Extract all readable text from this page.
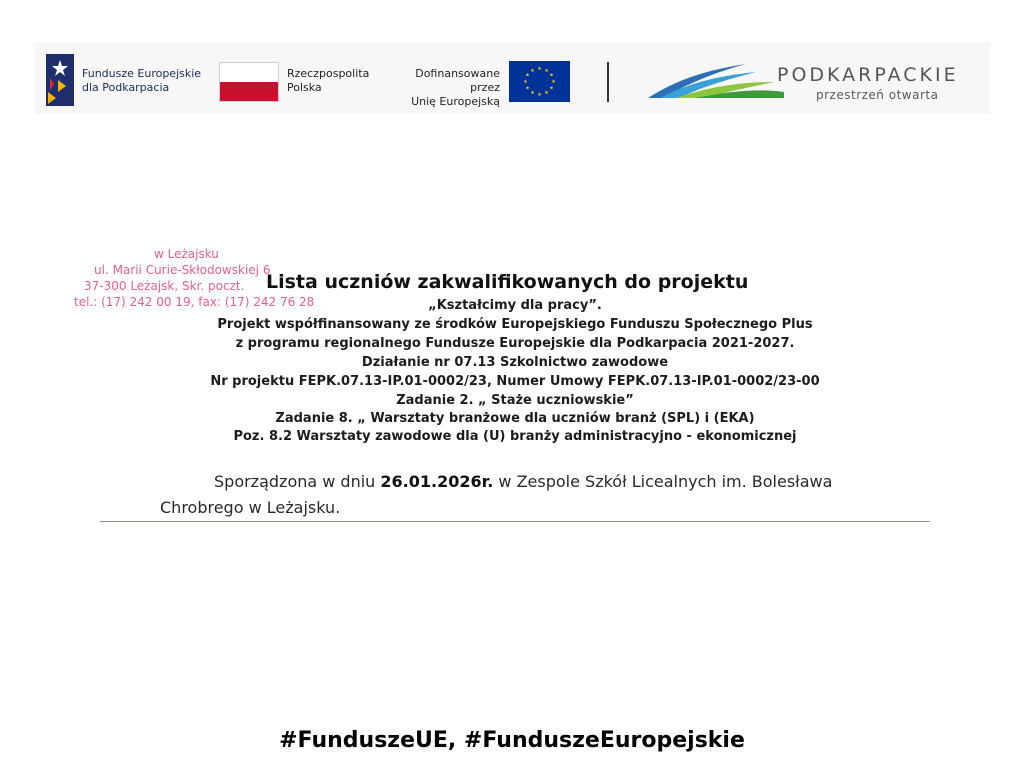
Fundusze Europejskie
dla Podkarpacia
Rzeczpospolita
Polska
Dofinansowane przez
Unię Europejską
★ ★
★
★
★
★
★
★
★
★
★
★	PODKARPACKIE
przestrzeń otwarta
w Leżajsku
ul. Marii Curie-Skłodowskiej 6
37-300 Leżajsk, Skr. poczt.
tel.: (17) 242 00 19, fax: (17) 242 76 28
Lista uczniów zakwalifikowanych do projektu
„Kształcimy dla pracy”.
Projekt współfinansowany ze środków Europejskiego Funduszu Społecznego Plus
z programu regionalnego Fundusze Europejskie dla Podkarpacia 2021-2027.
Działanie nr 07.13 Szkolnictwo zawodowe
Nr projektu FEPK.07.13-IP.01-0002/23, Numer Umowy FEPK.07.13-IP.01-0002/23-00
Zadanie 2. „ Staże uczniowskie”
Zadanie 8. „ Warsztaty branżowe dla uczniów branż (SPL) i (EKA)
Poz. 8.2 Warsztaty zawodowe dla (U) branży administracyjno - ekonomicznej
Sporządzona w dniu 26.01.2026r. w Zespole Szkół Licealnych im. Bolesława
Chrobrego w Leżajsku.
#FunduszeUE, #FunduszeEuropejskie
